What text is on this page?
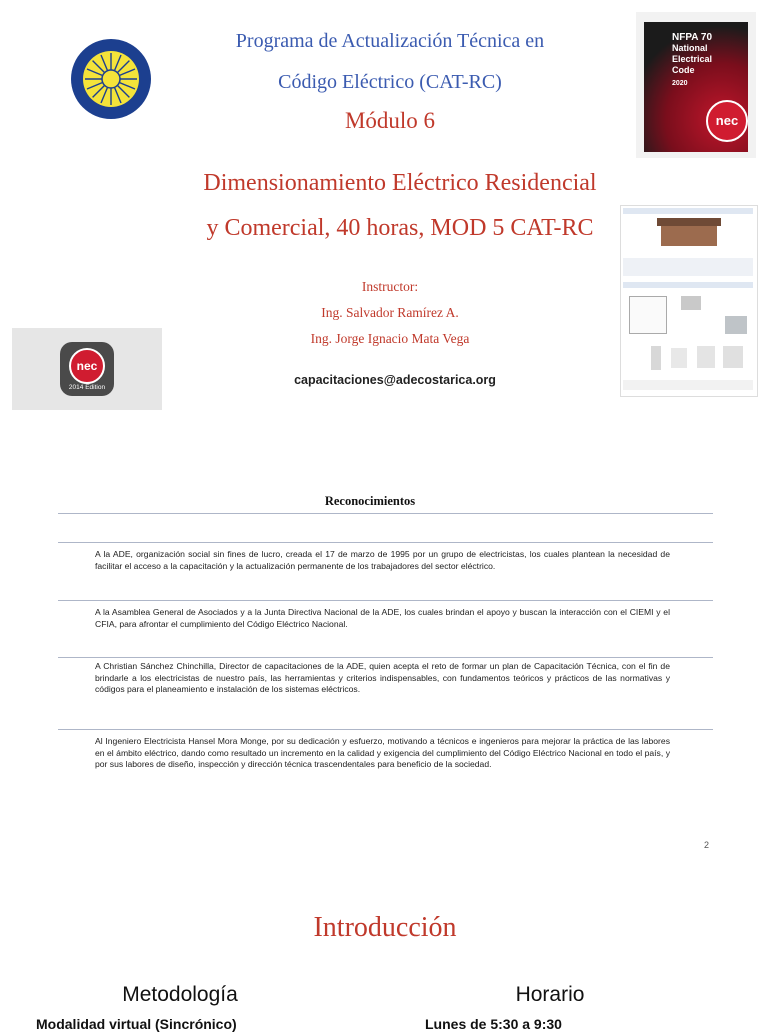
Programa de Actualización Técnica en
Código Eléctrico (CAT-RC)
Módulo 6
Dimensionamiento Eléctrico Residencial
y Comercial, 40 horas, MOD 5 CAT-RC
NFPA 70
National Electrical Code
2020
nec
nec
2014 Edition
Instructor:
Ing. Salvador Ramírez A.
Ing. Jorge Ignacio Mata Vega
capacitaciones@adecostarica.org
Reconocimientos
A la ADE, organización social sin fines de lucro, creada el 17 de marzo de 1995 por un grupo de electricistas, los cuales plantean la necesidad de facilitar el acceso a la capacitación y la actualización permanente de los trabajadores del sector eléctrico.
A la Asamblea General de Asociados y a la Junta Directiva Nacional de la ADE, los cuales brindan el apoyo y buscan la interacción con el CIEMI y el CFIA, para afrontar el cumplimiento del Código Eléctrico Nacional.
A Christian Sánchez Chinchilla, Director de capacitaciones de la ADE, quien acepta el reto de formar un plan de Capacitación Técnica, con el fin de brindarle a los electricistas de nuestro país, las herramientas y criterios indispensables, con fundamentos teóricos y prácticos de las normativas y códigos para el planeamiento e instalación de los sistemas eléctricos.
Al Ingeniero Electricista Hansel Mora Monge, por su dedicación y esfuerzo, motivando a técnicos e ingenieros para mejorar la práctica de las labores en el ámbito eléctrico, dando como resultado un incremento en la calidad y exigencia del cumplimiento del Código Eléctrico Nacional en todo el país, y por sus labores de diseño, inspección y dirección técnica trascendentales para beneficio de la sociedad.
2
Introducción
Metodología	Horario
Modalidad virtual (Sincrónico)	Lunes de 5:30 a 9:30
